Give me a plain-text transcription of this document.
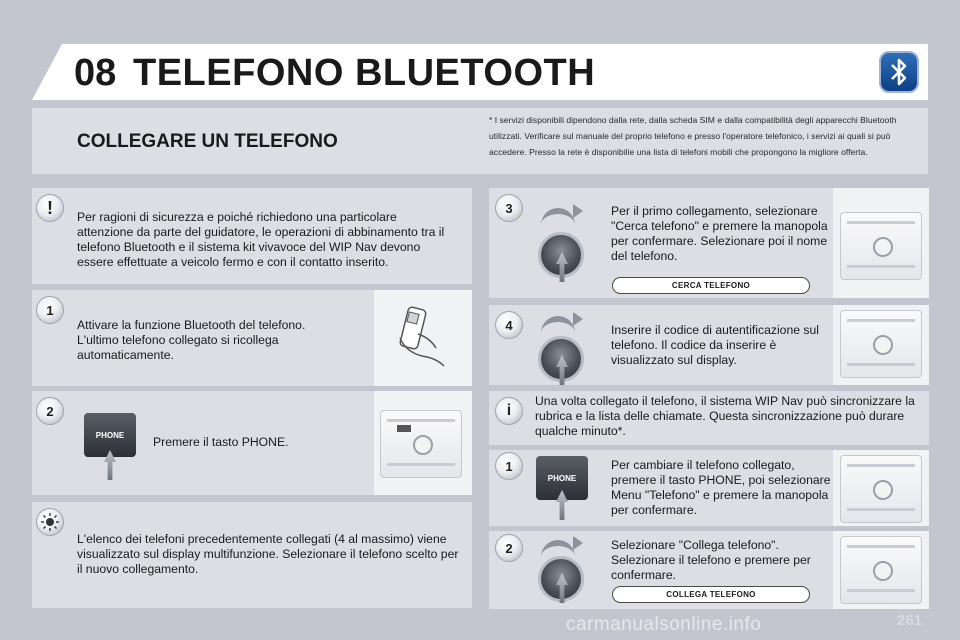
08 TELEFONO BLUETOOTH
COLLEGARE UN TELEFONO
* I servizi disponibili dipendono dalla rete, dalla scheda SIM e dalla compatibilità degli apparecchi Bluetooth utilizzati. Verificare sul manuale del proprio telefono e presso l'operatore telefonico, i servizi ai quali si può accedere. Presso la rete è disponibilie una lista di telefoni mobili che propongono la migliore offerta.
!	Per ragioni di sicurezza e poiché richiedono una particolare attenzione da parte del guidatore, le operazioni di abbinamento tra il telefono Bluetooth e il sistema kit vivavoce del WIP Nav devono essere effettuate a veicolo fermo e con il contatto inserito.
1
Attivare la funzione Bluetooth del telefono. L'ultimo telefono collegato si ricollega automaticamente.
2
PHONE	Premere il tasto PHONE.
L'elenco dei telefoni precedentemente collegati (4 al massimo) viene visualizzato sul display multifunzione. Selezionare il telefono scelto per il nuovo collegamento.
3	Per il primo collegamento, selezionare "Cerca telefono" e premere la manopola per confermare. Selezionare poi il nome del telefono.
CERCA TELEFONO
4	Inserire il codice di autentificazione sul telefono. Il codice da inserire è visualizzato sul display.
i
Una volta collegato il telefono, il sistema WIP Nav può sincronizzare la rubrica e la lista delle chiamate. Questa sincronizzazione può durare qualche minuto*.
1
PHONE
Per cambiare il telefono collegato, premere il tasto PHONE, poi selezionare Menu "Telefono" e premere la manopola per confermare.
2	Selezionare "Collega telefono". Selezionare il telefono e premere per confermare.
COLLEGA TELEFONO
carmanualsonline.info	261
